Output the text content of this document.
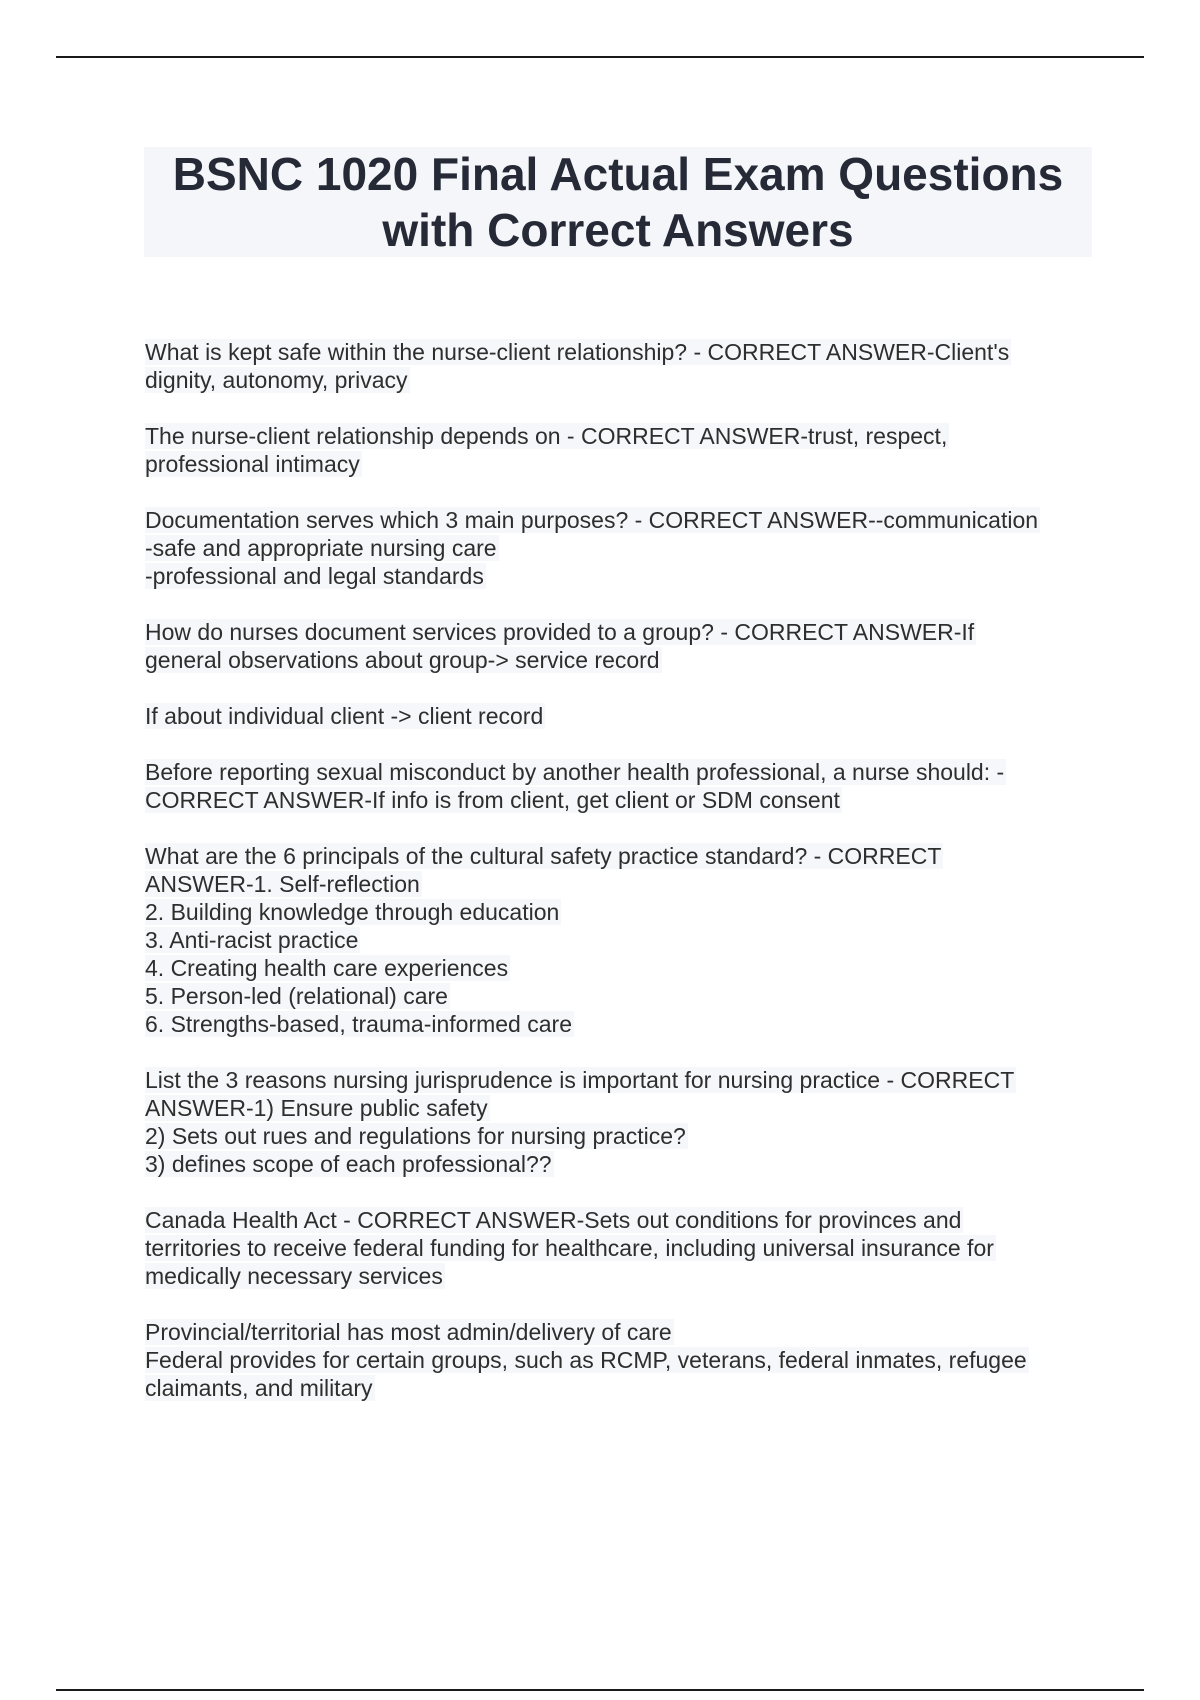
BSNC 1020 Final Actual Exam Questions
with Correct Answers
What is kept safe within the nurse-client relationship? - CORRECT ANSWER-Client's
dignity, autonomy, privacy
The nurse-client relationship depends on - CORRECT ANSWER-trust, respect,
professional intimacy
Documentation serves which 3 main purposes? - CORRECT ANSWER--communication
-safe and appropriate nursing care
-professional and legal standards
How do nurses document services provided to a group? - CORRECT ANSWER-If
general observations about group-> service record
If about individual client -> client record
Before reporting sexual misconduct by another health professional, a nurse should: -
CORRECT ANSWER-If info is from client, get client or SDM consent
What are the 6 principals of the cultural safety practice standard? - CORRECT
ANSWER-1. Self-reflection
2. Building knowledge through education
3. Anti-racist practice
4. Creating health care experiences
5. Person-led (relational) care
6. Strengths-based, trauma-informed care
List the 3 reasons nursing jurisprudence is important for nursing practice - CORRECT
ANSWER-1) Ensure public safety
2) Sets out rues and regulations for nursing practice?
3) defines scope of each professional??
Canada Health Act - CORRECT ANSWER-Sets out conditions for provinces and
territories to receive federal funding for healthcare, including universal insurance for
medically necessary services
Provincial/territorial has most admin/delivery of care
Federal provides for certain groups, such as RCMP, veterans, federal inmates, refugee
claimants, and military
